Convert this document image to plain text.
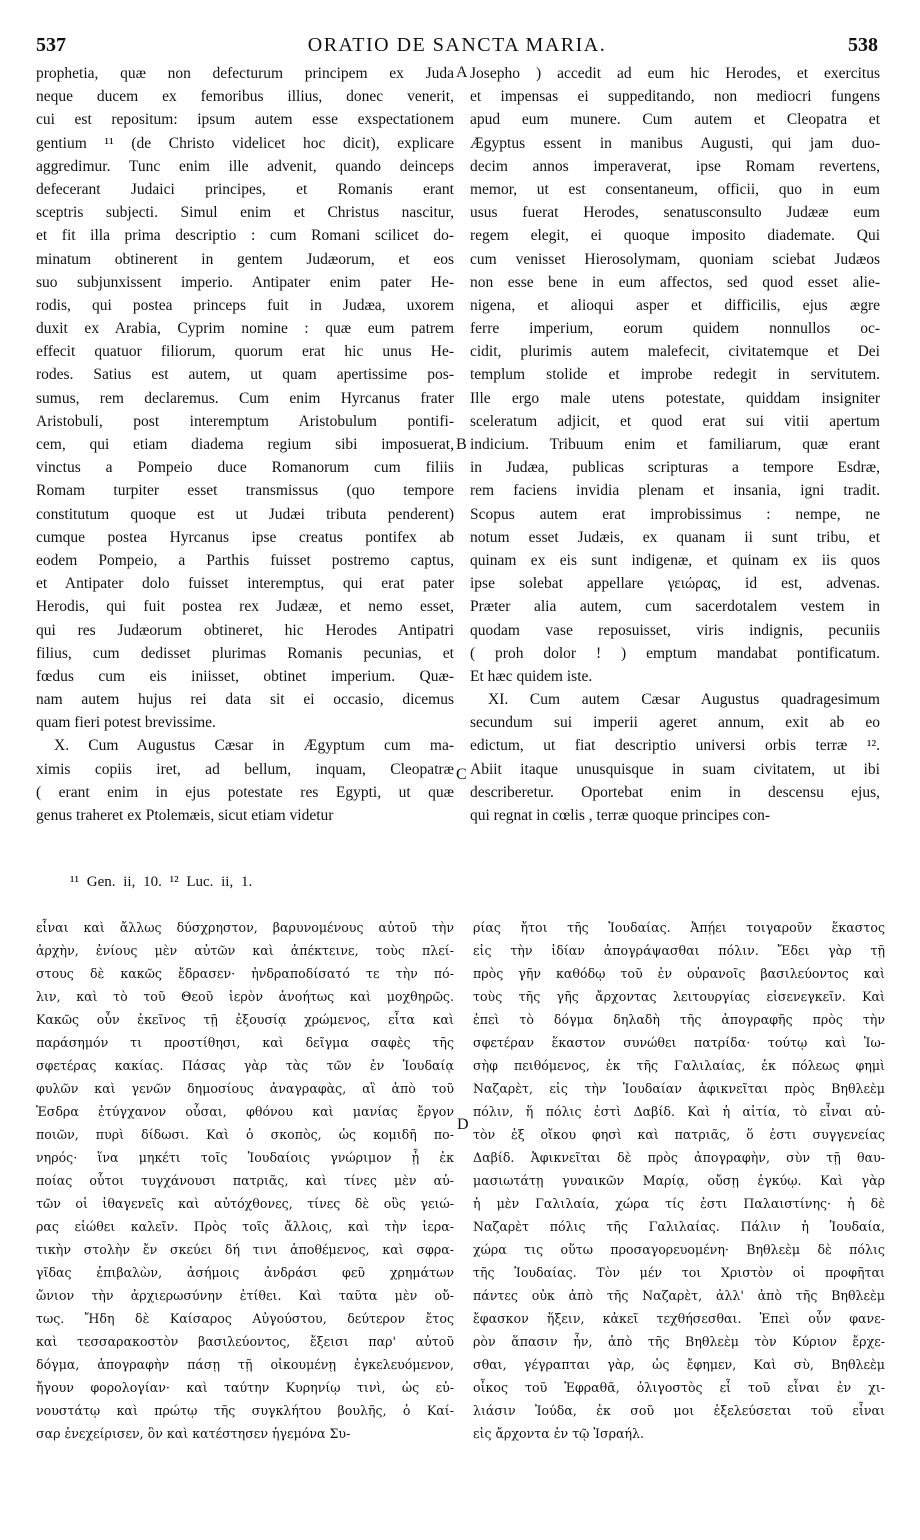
537	ORATIO DE SANCTA MARIA.	538
prophetia, quæ non defecturum principem ex Juda
neque ducem ex femoribus illius, donec venerit,
cui est repositum: ipsum autem esse exspectationem
gentium ¹¹ (de Christo videlicet hoc dicit), explicare
aggredimur. Tunc enim ille advenit, quando deinceps
defecerant Judaici principes, et Romanis erant
sceptris subjecti. Simul enim et Christus nascitur,
et fit illa prima descriptio : cum Romani scilicet do-
minatum obtinerent in gentem Judæorum, et eos
suo subjunxissent imperio. Antipater enim pater He-
rodis, qui postea princeps fuit in Judæa, uxorem
duxit ex Arabia, Cyprim nomine : quæ eum patrem
effecit quatuor filiorum, quorum erat hic unus He-
rodes. Satius est autem, ut quam apertissime pos-
sumus, rem declaremus. Cum enim Hyrcanus frater
Aristobuli, post interemptum Aristobulum pontifi-
cem, qui etiam diadema regium sibi imposuerat,
vinctus a Pompeio duce Romanorum cum filiis
Romam turpiter esset transmissus (quo tempore
constitutum quoque est ut Judæi tributa penderent)
cumque postea Hyrcanus ipse creatus pontifex ab
eodem Pompeio, a Parthis fuisset postremo captus,
et Antipater dolo fuisset interemptus, qui erat pater
Herodis, qui fuit postea rex Judææ, et nemo esset,
qui res Judæorum obtineret, hic Herodes Antipatri
filius, cum dedisset plurimas Romanis pecunias, et
fœdus cum eis iniisset, obtinet imperium. Quæ-
nam autem hujus rei data sit ei occasio, dicemus
quam fieri potest brevissime.
X. Cum Augustus Cæsar in Ægyptum cum ma-
ximis copiis iret, ad bellum, inquam, Cleopatræ
( erant enim in ejus potestate res Egypti, ut quæ
genus traheret ex Ptolemæis, sicut etiam videtur
Josepho ) accedit ad eum hic Herodes, et exercitus
et impensas ei suppeditando, non mediocri fungens
apud eum munere. Cum autem et Cleopatra et
Ægyptus essent in manibus Augusti, qui jam duo-
decim annos imperaverat, ipse Romam revertens,
memor, ut est consentaneum, officii, quo in eum
usus fuerat Herodes, senatusconsulto Judææ eum
regem elegit, ei quoque imposito diademate. Qui
cum venisset Hierosolymam, quoniam sciebat Judæos
non esse bene in eum affectos, sed quod esset alie-
nigena, et alioqui asper et difficilis, ejus ægre
ferre imperium, eorum quidem nonnullos oc-
cidit, plurimis autem malefecit, civitatemque et Dei
templum stolide et improbe redegit in servitutem.
Ille ergo male utens potestate, quiddam insigniter
sceleratum adjicit, et quod erat sui vitii apertum
indicium. Tribuum enim et familiarum, quæ erant
in Judæa, publicas scripturas a tempore Esdræ,
rem faciens invidia plenam et insania, igni tradit.
Scopus autem erat improbissimus : nempe, ne
notum esset Judæis, ex quanam ii sunt tribu, et
quinam ex eis sunt indigenæ, et quinam ex iis quos
ipse solebat appellare γειώρας, id est, advenas.
Præter alia autem, cum sacerdotalem vestem in
quodam vase reposuisset, viris indignis, pecuniis
( proh dolor ! ) emptum mandabat pontificatum.
Et hæc quidem iste.
XI. Cum autem Cæsar Augustus quadragesimum
secundum sui imperii ageret annum, exit ab eo
edictum, ut fiat descriptio universi orbis terræ ¹².
Abiit itaque unusquisque in suam civitatem, ut ibi
describeretur. Oportebat enim in descensu ejus,
qui regnat in cœlis , terræ quoque principes con-
A
B
C
D
¹¹ Gen. ii, 10. ¹² Luc. ii, 1.
εἶναι καὶ ἄλλως δύσχρηστον, βαρυνομένους αὐτοῦ τὴν
ἀρχὴν, ἐνίους μὲν αὐτῶν καὶ ἀπέκτεινε, τοὺς πλεί-
στους δὲ κακῶς ἔδρασεν· ἠνδραποδίσατό τε τὴν πό-
λιν, καὶ τὸ τοῦ Θεοῦ ἱερὸν ἀνοήτως καὶ μοχθηρῶς.
Κακῶς οὖν ἐκεῖνος τῇ ἐξουσίᾳ χρώμενος, εἶτα καὶ
παράσημόν τι προστίθησι, καὶ δεῖγμα σαφὲς τῆς
σφετέρας κακίας. Πάσας γὰρ τὰς τῶν ἐν Ἰουδαίᾳ
φυλῶν καὶ γενῶν δημοσίους ἀναγραφὰς, αἳ ἀπὸ τοῦ
Ἐσδρα ἐτύγχανον οὖσαι, φθόνου καὶ μανίας ἔργον
ποιῶν, πυρὶ δίδωσι. Καὶ ὁ σκοπὸς, ὡς κομιδῆ πο-
νηρός· ἵνα μηκέτι τοῖς Ἰουδαίοις γνώριμον ᾖ ἐκ
ποίας οὗτοι τυγχάνουσι πατριᾶς, καὶ τίνες μὲν αὐ-
τῶν οἱ ἰθαγενεῖς καὶ αὐτόχθονες, τίνες δὲ οὓς γειώ-
ρας εἰώθει καλεῖν. Πρὸς τοῖς ἄλλοις, καὶ τὴν ἱερα-
τικὴν στολὴν ἔν σκεύει δή τινι ἀποθέμενος, καὶ σφρα-
γῖδας ἐπιβαλὼν, ἀσήμοις ἀνδράσι φεῦ χρημάτων
ὤνιον τὴν ἀρχιερωσύνην ἐτίθει. Καὶ ταῦτα μὲν οὔ-
τως. Ἤδη δὲ Καίσαρος Αὐγούστου, δεύτερον ἔτος
καὶ τεσσαρακοστὸν βασιλεύοντος, ἔξεισι παρ' αὐτοῦ
δόγμα, ἀπογραφὴν πάσῃ τῇ οἰκουμένῃ ἐγκελευόμενον,
ἤγουν φορολογίαν· καὶ ταύτην Κυρηνίῳ τινὶ, ὡς εὐ-
νουστάτῳ καὶ πρώτῳ τῆς συγκλήτου βουλῆς, ὁ Καί-
σαρ ἐνεχείρισεν, ὃν καὶ κατέστησεν ἡγεμόνα Συ-
ρίας ἤτοι τῆς Ἰουδαίας. Ἀπῄει τοιγαροῦν ἕκαστος
εἰς τὴν ἰδίαν ἀπογράψασθαι πόλιν. Ἔδει γὰρ τῇ
πρὸς γῆν καθόδῳ τοῦ ἐν οὐρανοῖς βασιλεύοντος καὶ
τοὺς τῆς γῆς ἄρχοντας λειτουργίας εἰσενεγκεῖν. Καὶ
ἐπεὶ τὸ δόγμα δηλαδὴ τῆς ἀπογραφῆς πρὸς τὴν
σφετέραν ἕκαστον συνώθει πατρίδα· τούτῳ καὶ Ἰω-
σὴφ πειθόμενος, ἐκ τῆς Γαλιλαίας, ἐκ πόλεως φημὶ
Ναζαρὲτ, εἰς τὴν Ἰουδαίαν ἀφικνεῖται πρὸς Βηθλεὲμ
πόλιν, ἥ πόλις ἐστὶ Δαβίδ. Καὶ ἡ αἰτία, τὸ εἶναι αὐ-
τὸν ἐξ οἴκου φησὶ καὶ πατριᾶς, ὅ ἐστι συγγενείας
Δαβίδ. Ἀφικνεῖται δὲ πρὸς ἀπογραφὴν, σὺν τῇ θαυ-
μασιωτάτῃ γυναικῶν Μαρίᾳ, οὔσῃ ἐγκύῳ. Καὶ γὰρ
ἡ μὲν Γαλιλαία, χώρα τίς ἐστι Παλαιστίνης· ἡ δὲ
Ναζαρὲτ πόλις τῆς Γαλιλαίας. Πάλιν ἡ Ἰουδαία,
χώρα τις οὕτω προσαγορευομένη· Βηθλεὲμ δὲ πόλις
τῆς Ἰουδαίας. Τὸν μέν τοι Χριστὸν οἱ προφῆται
πάντες οὐκ ἀπὸ τῆς Ναζαρὲτ, ἀλλ' ἀπὸ τῆς Βηθλεὲμ
ἔφασκον ἥξειν, κἀκεῖ τεχθήσεσθαι. Ἐπεὶ οὖν φανε-
ρὸν ἅπασιν ἦν, ἀπὸ τῆς Βηθλεὲμ τὸν Κύριον ἔρχε-
σθαι, γέγραπται γὰρ, ὡς ἔφημεν, Καὶ σὺ, Βηθλεὲμ
οἶκος τοῦ Ἐφραθᾶ, ὀλιγοστὸς εἶ τοῦ εἶναι ἐν χι-
λιάσιν Ἰούδα, ἐκ σοῦ μοι ἐξελεύσεται τοῦ εἶναι
εἰς ἄρχοντα ἐν τῷ Ἰσραήλ.
